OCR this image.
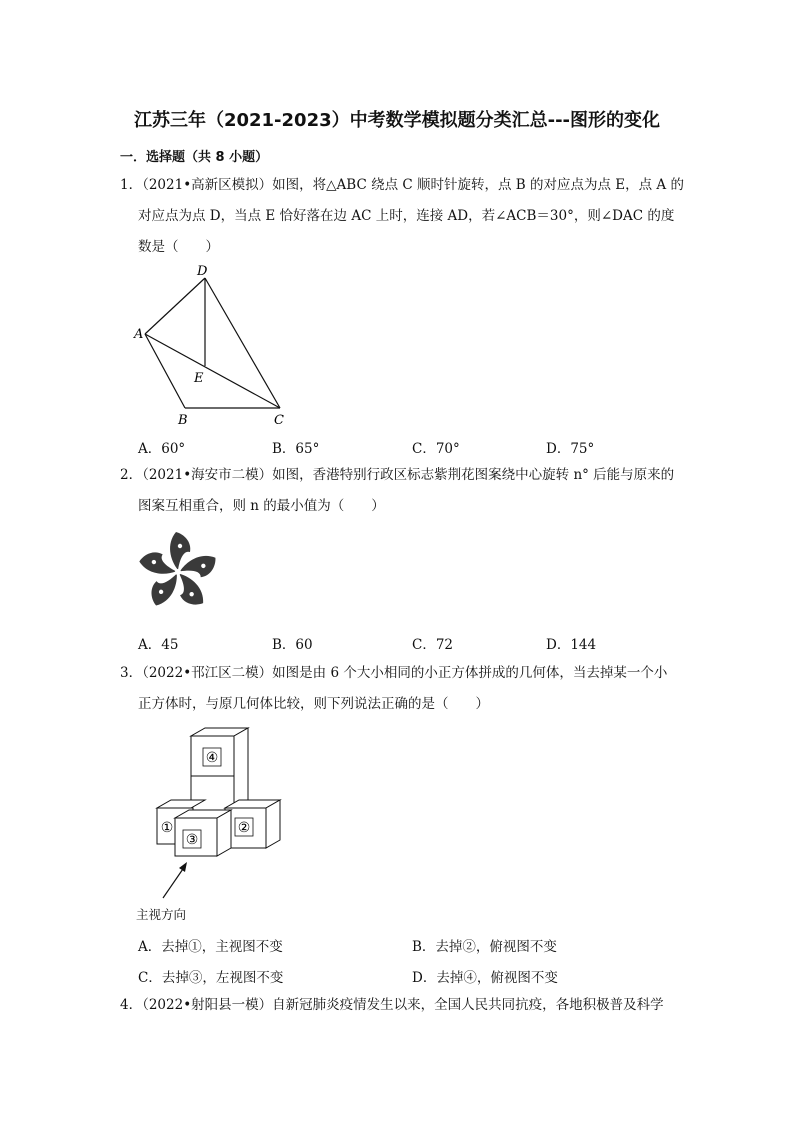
江苏三年（2021-2023）中考数学模拟题分类汇总---图形的变化
一．选择题（共 8 小题）
1．（2021•高新区模拟）如图，将△ABC 绕点 C 顺时针旋转，点 B 的对应点为点 E，点 A 的
对应点为点 D，当点 E 恰好落在边 AC 上时，连接 AD，若∠ACB＝30°，则∠DAC 的度
数是（　　）
D
A
E
B	C
A．60°	B．65°	C．70°	D．75°
2．（2021•海安市二模）如图，香港特别行政区标志紫荆花图案绕中心旋转 n° 后能与原来的
图案互相重合，则 n 的最小值为（　　）
A．45	B．60	C．72	D．144
3．（2022•邗江区二模）如图是由 6 个大小相同的小正方体拼成的几何体，当去掉某一个小
正方体时，与原几何体比较，则下列说法正确的是（　　）
④
①	②
③
主视方向
A．去掉①，主视图不变	B．去掉②，俯视图不变
C．去掉③，左视图不变	D．去掉④，俯视图不变
4．（2022•射阳县一模）自新冠肺炎疫情发生以来，全国人民共同抗疫，各地积极普及科学
